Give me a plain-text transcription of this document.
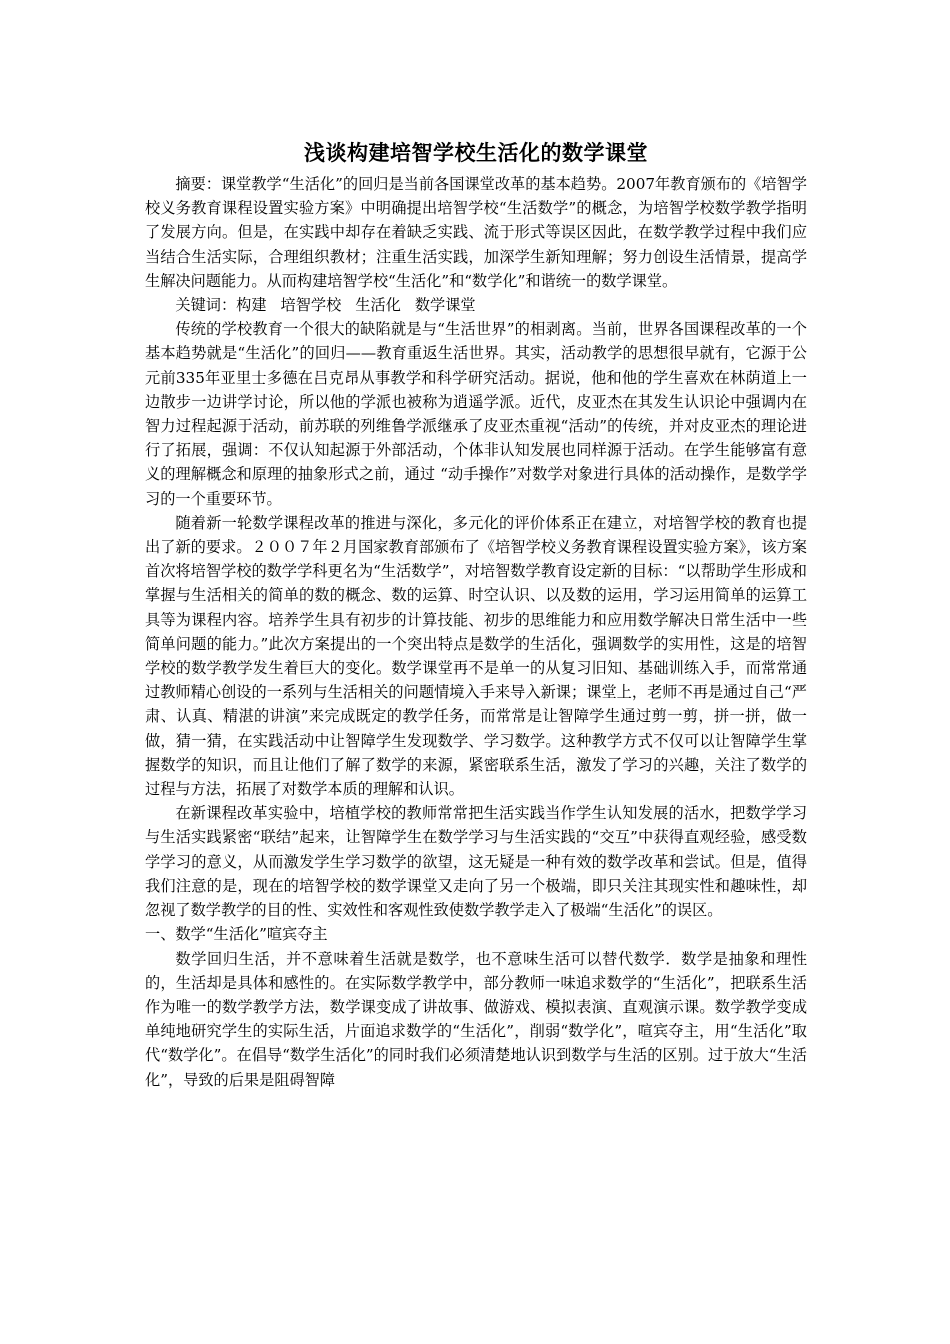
浅谈构建培智学校生活化的数学课堂

摘要：课堂教学“生活化”的回归是当前各国课堂改革的基本趋势。2007年教育颁布的《培智学校义务教育课程设置实验方案》中明确提出培智学校“生活数学”的概念，为培智学校数学教学指明了发展方向。但是，在实践中却存在着缺乏实践、流于形式等误区因此，在数学教学过程中我们应当结合生活实际，合理组织教材；注重生活实践，加深学生新知理解；努力创设生活情景，提高学生解决问题能力。从而构建培智学校“生活化”和“数学化”和谐统一的数学课堂。

关键词：构建 培智学校 生活化 数学课堂

传统的学校教育一个很大的缺陷就是与“生活世界”的相剥离。当前，世界各国课程改革的一个基本趋势就是“生活化”的回归——教育重返生活世界。其实，活动教学的思想很早就有，它源于公元前335年亚里士多德在吕克昂从事教学和科学研究活动。据说，他和他的学生喜欢在林荫道上一边散步一边讲学讨论，所以他的学派也被称为逍遥学派。近代，皮亚杰在其发生认识论中强调内在智力过程起源于活动，前苏联的列维鲁学派继承了皮亚杰重视“活动”的传统，并对皮亚杰的理论进行了拓展，强调：不仅认知起源于外部活动，个体非认知发展也同样源于活动。在学生能够富有意义的理解概念和原理的抽象形式之前，通过 “动手操作”对数学对象进行具体的活动操作，是数学学习的一个重要环节。

随着新一轮数学课程改革的推进与深化，多元化的评价体系正在建立，对培智学校的教育也提出了新的要求。２００７年２月国家教育部颁布了《培智学校义务教育课程设置实验方案》，该方案首次将培智学校的数学学科更名为“生活数学”，对培智数学教育设定新的目标：“以帮助学生形成和掌握与生活相关的简单的数的概念、数的运算、时空认识、以及数的运用，学习运用简单的运算工具等为课程内容。培养学生具有初步的计算技能、初步的思维能力和应用数学解决日常生活中一些简单问题的能力。”此次方案提出的一个突出特点是数学的生活化，强调数学的实用性，这是的培智学校的数学教学发生着巨大的变化。数学课堂再不是单一的从复习旧知、基础训练入手，而常常通过教师精心创设的一系列与生活相关的问题情境入手来导入新课；课堂上，老师不再是通过自己“严肃、认真、精湛的讲演”来完成既定的教学任务，而常常是让智障学生通过剪一剪，拼一拼，做一做，猜一猜，在实践活动中让智障学生发现数学、学习数学。这种教学方式不仅可以让智障学生掌握数学的知识，而且让他们了解了数学的来源，紧密联系生活，激发了学习的兴趣，关注了数学的过程与方法，拓展了对数学本质的理解和认识。

在新课程改革实验中，培植学校的教师常常把生活实践当作学生认知发展的活水，把数学学习与生活实践紧密“联结”起来，让智障学生在数学学习与生活实践的“交互”中获得直观经验，感受数学学习的意义，从而激发学生学习数学的欲望，这无疑是一种有效的数学改革和尝试。但是，值得我们注意的是，现在的培智学校的数学课堂又走向了另一个极端，即只关注其现实性和趣味性，却忽视了数学教学的目的性、实效性和客观性致使数学教学走入了极端“生活化”的误区。

一、数学“生活化”喧宾夺主

数学回归生活，并不意味着生活就是数学，也不意味生活可以替代数学．数学是抽象和理性的，生活却是具体和感性的。在实际数学教学中，部分教师一味追求数学的“生活化”，把联系生活作为唯一的数学教学方法，数学课变成了讲故事、做游戏、模拟表演、直观演示课。数学教学变成单纯地研究学生的实际生活，片面追求数学的“生活化”，削弱“数学化”，喧宾夺主，用“生活化”取代“数学化”。在倡导“数学生活化”的同时我们必须清楚地认识到数学与生活的区别。过于放大“生活化”，导致的后果是阻碍智障
